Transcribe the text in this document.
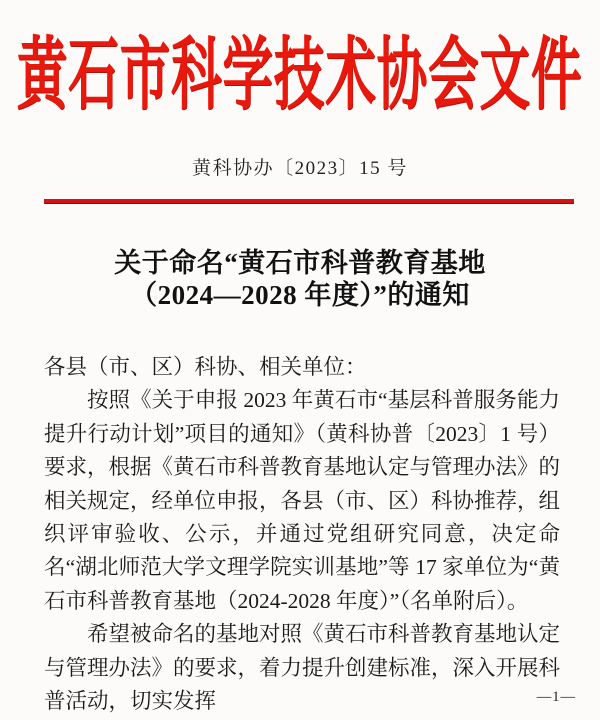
黄石市科学技术协会文件
黄科协办〔2023〕15 号
关于命名“黄石市科普教育基地
（2024—2028 年度）”的通知
各县（市、区）科协、相关单位：

按照《关于申报 2023 年黄石市“基层科普服务能力提升行动计划”项目的通知》（黄科协普〔2023〕1 号）要求，根据《黄石市科普教育基地认定与管理办法》的相关规定，经单位申报，各县（市、区）科协推荐，组织评审验收、公示，并通过党组研究同意，决定命名“湖北师范大学文理学院实训基地”等 17 家单位为“黄石市科普教育基地（2024-2028 年度）”（名单附后）。

希望被命名的基地对照《黄石市科普教育基地认定与管理办法》的要求，着力提升创建标准，深入开展科普活动，切实发挥	—1—
